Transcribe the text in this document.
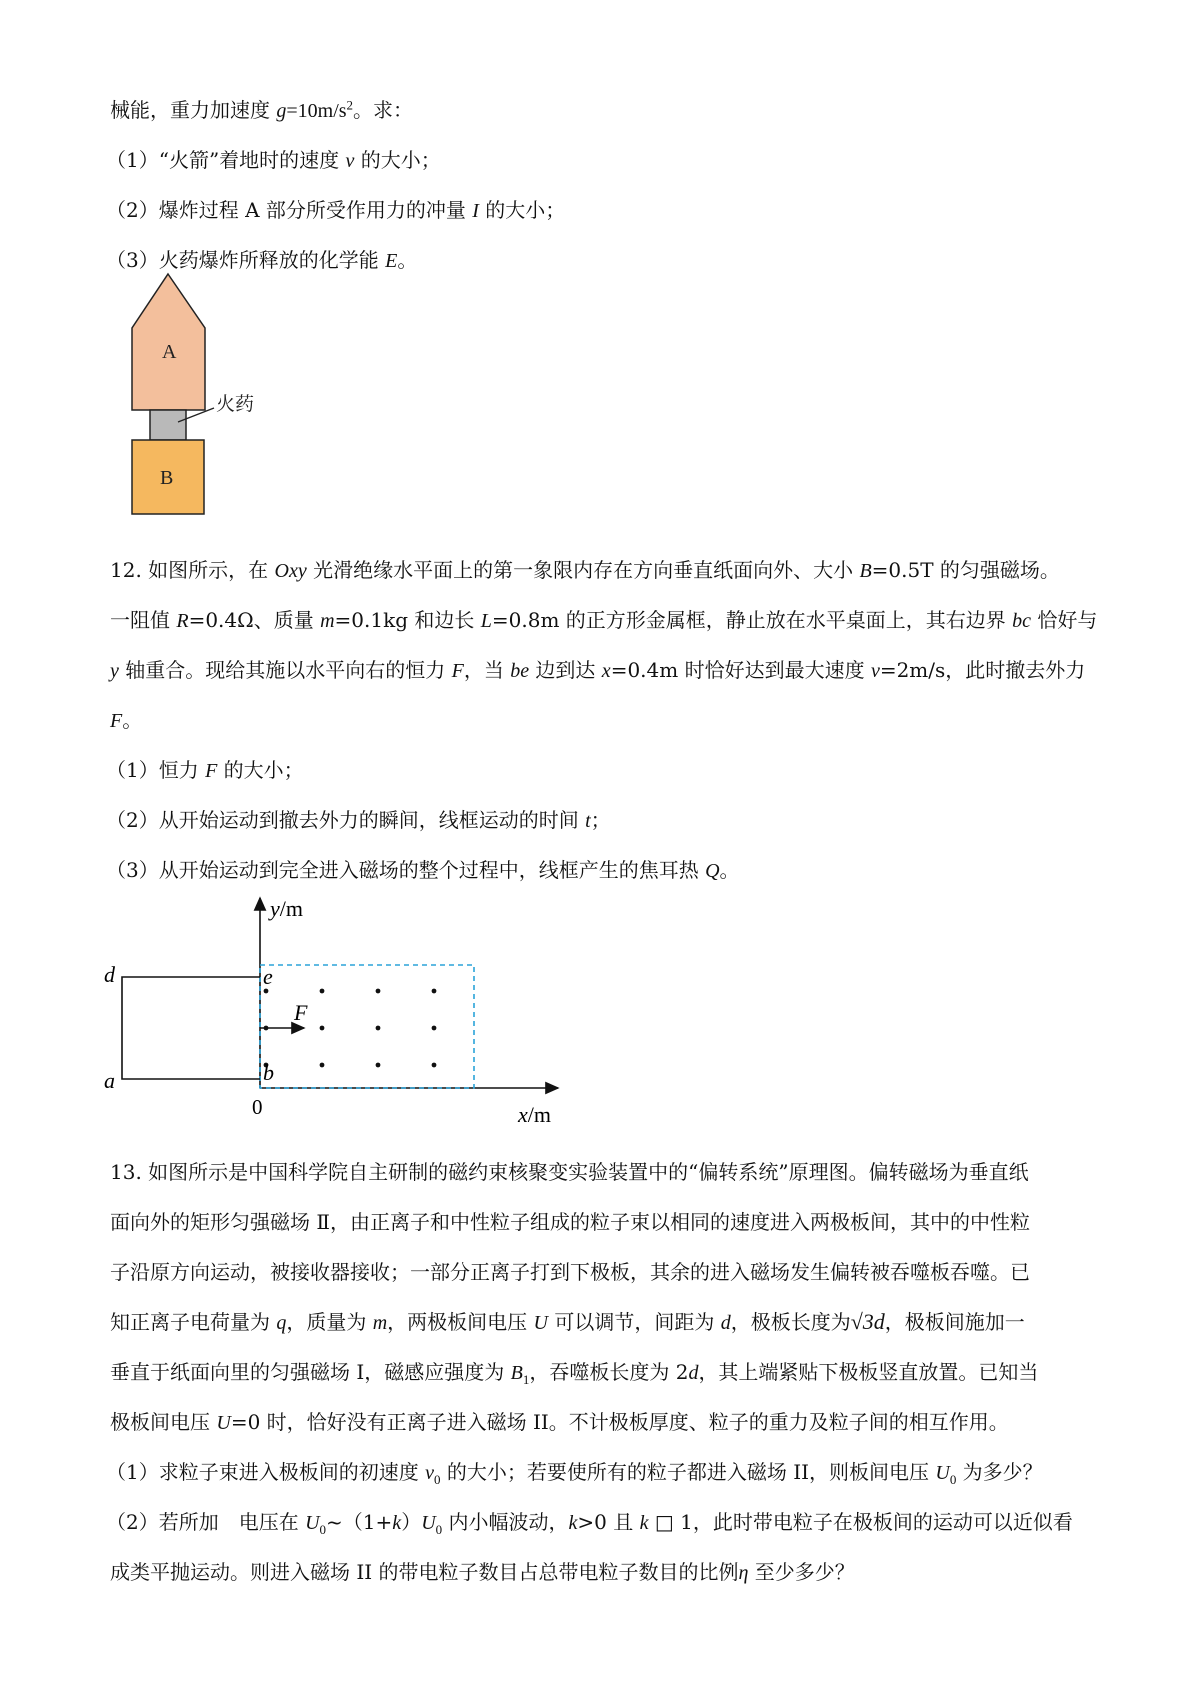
械能，重力加速度 $g=10m/s^2$。求：
（1）“火箭”着地时的速度 v 的大小；
（2）爆炸过程 A 部分所受作用力的冲量 I 的大小；
（3）火药爆炸所释放的化学能 E。
A
火药
B
12. 如图所示，在 Oxy 光滑绝缘水平面上的第一象限内存在方向垂直纸面向外、大小 B=0.5T 的匀强磁场。
一阻值 R=0.4Ω、质量 m=0.1kg 和边长 L=0.8m 的正方形金属框，静止放在水平桌面上，其右边界 bc 恰好与
y 轴重合。现给其施以水平向右的恒力 F，当 be 边到达 x=0.4m 时恰好达到最大速度 v=2m/s，此时撤去外力
F。
（1）恒力 F 的大小；
（2）从开始运动到撤去外力的瞬间，线框运动的时间 t；
（3）从开始运动到完全进入磁场的整个过程中，线框产生的焦耳热 Q。
y/m
x/m
0
d
a
e
b
F
13. 如图所示是中国科学院自主研制的磁约束核聚变实验装置中的“偏转系统”原理图。偏转磁场为垂直纸
面向外的矩形匀强磁场 Ⅱ，由正离子和中性粒子组成的粒子束以相同的速度进入两极板间，其中的中性粒
子沿原方向运动，被接收器接收；一部分正离子打到下极板，其余的进入磁场发生偏转被吞噬板吞噬。已
知正离子电荷量为 q，质量为 m，两极板间电压 U 可以调节，间距为 d，极板长度为√3d，极板间施加一
垂直于纸面向里的匀强磁场 I，磁感应强度为 $B_1$，吞噬板长度为 2d，其上端紧贴下极板竖直放置。已知当
极板间电压 U=0 时，恰好没有正离子进入磁场 II。不计极板厚度、粒子的重力及粒子间的相互作用。
（1）求粒子束进入极板间的初速度 $v_0$ 的大小；若要使所有的粒子都进入磁场 II，则板间电压 $U_0$ 为多少？
（2）若所加　电压在 $U_0\sim(1+k)U_0$ 内小幅波动，k>0 且 k □ 1，此时带电粒子在极板间的运动可以近似看
成类平抛运动。则进入磁场 II 的带电粒子数目占总带电粒子数目的比例η 至少多少？
